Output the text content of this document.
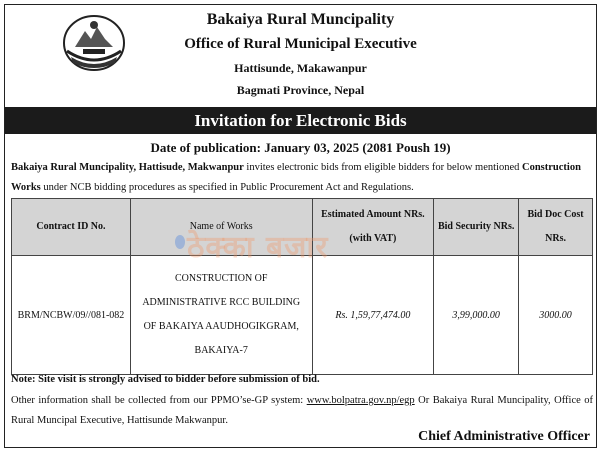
Bakaiya Rural Muncipality
Office of Rural Municipal Executive
Hattisunde, Makawanpur
Bagmati Province, Nepal
Invitation for Electronic Bids
Date of publication: January 03, 2025 (2081 Poush 19)
Bakaiya Rural Muncipality, Hattisude, Makwanpur invites electronic bids from eligible bidders for below mentioned Construction Works under NCB bidding procedures as specified in Public Procurement Act and Regulations.
Contract ID No.	Name of Works	Estimated Amount NRs. (with VAT)	Bid Security NRs.	Bid Doc Cost NRs.
BRM/NCBW/09//081-082	CONSTRUCTION OF ADMINISTRATIVE RCC BUILDING OF BAKAIYA AAUDHOGIKGRAM, BAKAIYA-7	Rs. 1,59,77,474.00	3,99,000.00	3000.00
ठेक्का बजार
Note: Site visit is strongly advised to bidder before submission of bid.
Other information shall be collected from our PPMO’se-GP system: www.bolpatra.gov.np/egp Or Bakaiya Rural Muncipality, Office of Rural Muncipal Executive, Hattisunde Makwanpur.
Chief Administrative Officer
